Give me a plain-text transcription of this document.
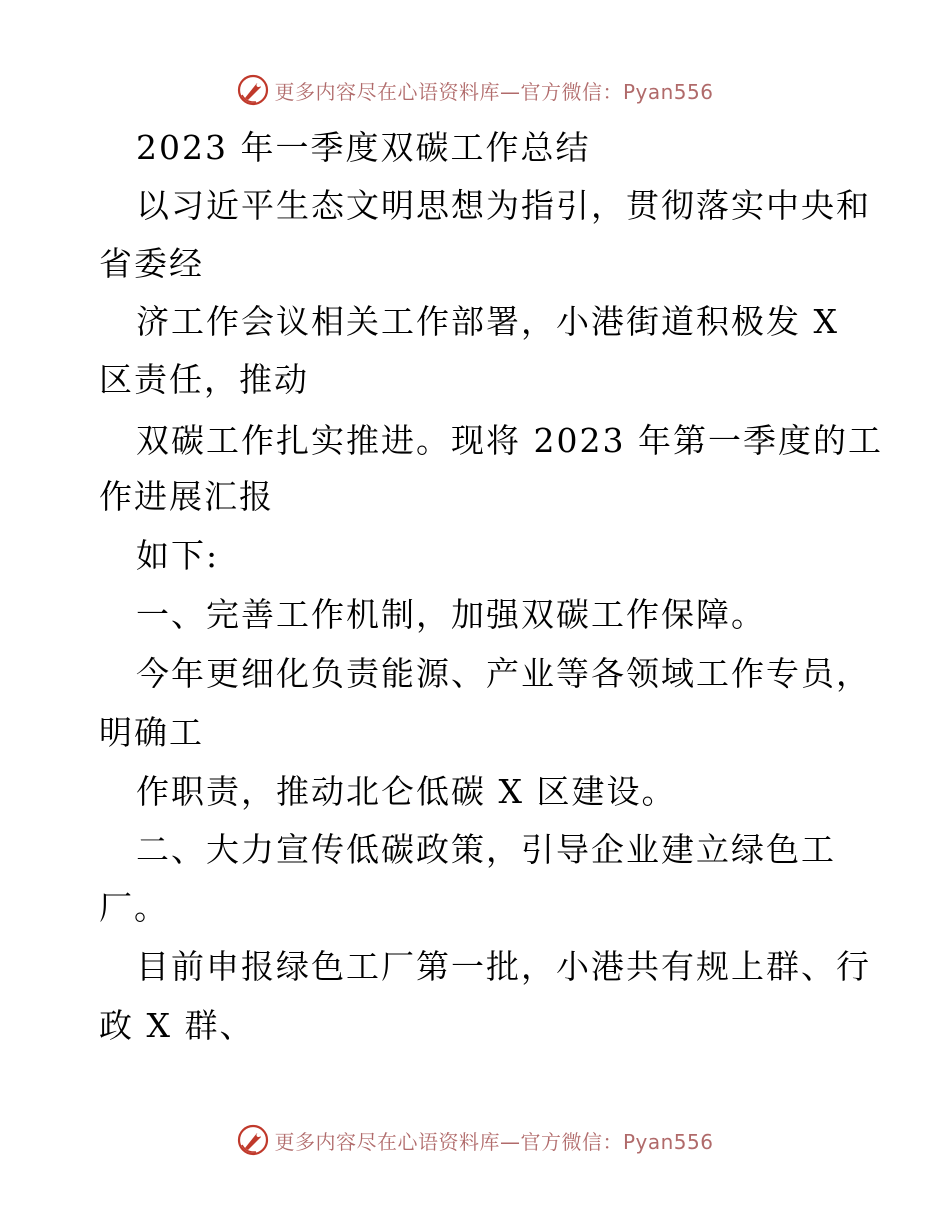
更多内容尽在心语资料库—官方微信：Pyan556
2023 年一季度双碳工作总结
以习近平生态文明思想为指引，贯彻落实中央和
省委经
济工作会议相关工作部署，小港街道积极发 X
区责任，推动
双碳工作扎实推进。现将 2023 年第一季度的工
作进展汇报
如下:
一、完善工作机制，加强双碳工作保障。
今年更细化负责能源、产业等各领域工作专员，
明确工
作职责，推动北仑低碳 X 区建设。
二、大力宣传低碳政策，引导企业建立绿色工
厂。
目前申报绿色工厂第一批，小港共有规上群、行
政 X 群、
更多内容尽在心语资料库—官方微信：Pyan556
